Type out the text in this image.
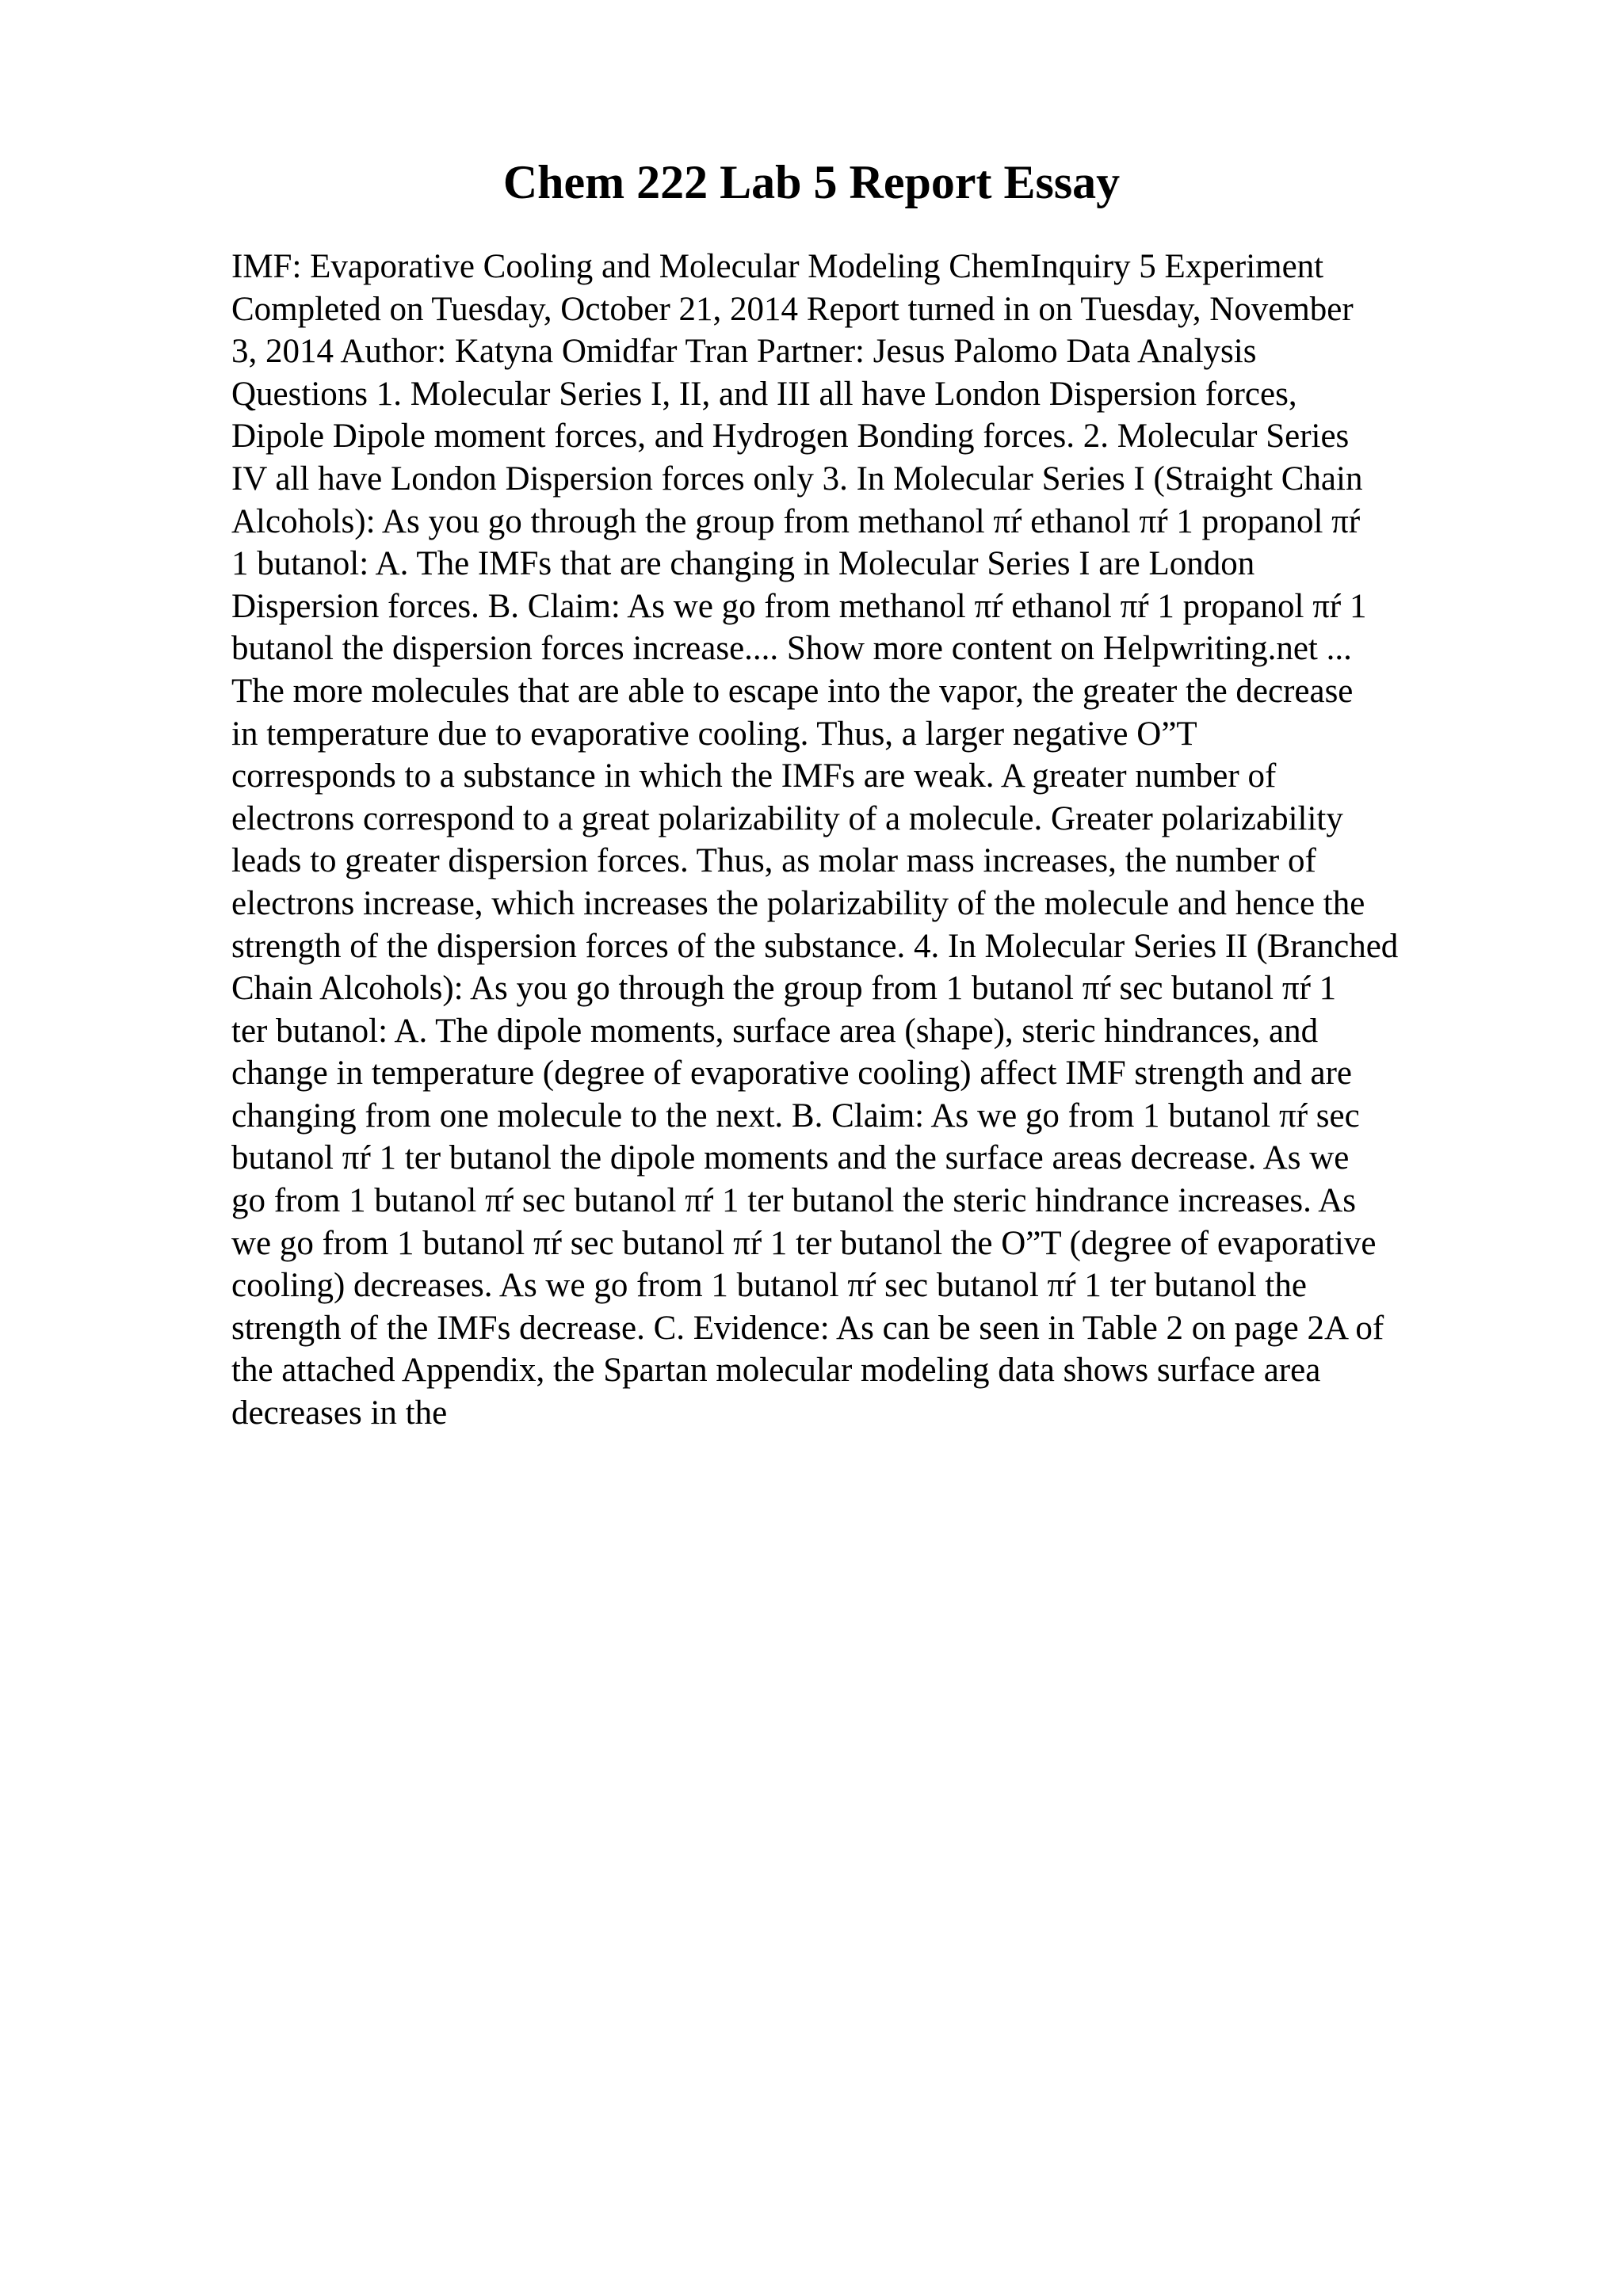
Chem 222 Lab 5 Report Essay

IMF: Evaporative Cooling and Molecular Modeling ChemInquiry 5 Experiment
Completed on Tuesday, October 21, 2014 Report turned in on Tuesday, November
3, 2014 Author: Katyna Omidfar Tran Partner: Jesus Palomo Data Analysis
Questions 1. Molecular Series I, II, and III all have London Dispersion forces,
Dipole Dipole moment forces, and Hydrogen Bonding forces. 2. Molecular Series
IV all have London Dispersion forces only 3. In Molecular Series I (Straight Chain
Alcohols): As you go through the group from methanol πŕ ethanol πŕ 1 propanol πŕ
1 butanol: A. The IMFs that are changing in Molecular Series I are London
Dispersion forces. B. Claim: As we go from methanol πŕ ethanol πŕ 1 propanol πŕ 1
butanol the dispersion forces increase.... Show more content on Helpwriting.net ...
The more molecules that are able to escape into the vapor, the greater the decrease
in temperature due to evaporative cooling. Thus, a larger negative O”T
corresponds to a substance in which the IMFs are weak. A greater number of
electrons correspond to a great polarizability of a molecule. Greater polarizability
leads to greater dispersion forces. Thus, as molar mass increases, the number of
electrons increase, which increases the polarizability of the molecule and hence the
strength of the dispersion forces of the substance. 4. In Molecular Series II (Branched
Chain Alcohols): As you go through the group from 1 butanol πŕ sec butanol πŕ 1
ter butanol: A. The dipole moments, surface area (shape), steric hindrances, and
change in temperature (degree of evaporative cooling) affect IMF strength and are
changing from one molecule to the next. B. Claim: As we go from 1 butanol πŕ sec
butanol πŕ 1 ter butanol the dipole moments and the surface areas decrease. As we
go from 1 butanol πŕ sec butanol πŕ 1 ter butanol the steric hindrance increases. As
we go from 1 butanol πŕ sec butanol πŕ 1 ter butanol the O”T (degree of evaporative
cooling) decreases. As we go from 1 butanol πŕ sec butanol πŕ 1 ter butanol the
strength of the IMFs decrease. C. Evidence: As can be seen in Table 2 on page 2A of
the attached Appendix, the Spartan molecular modeling data shows surface area
decreases in the
